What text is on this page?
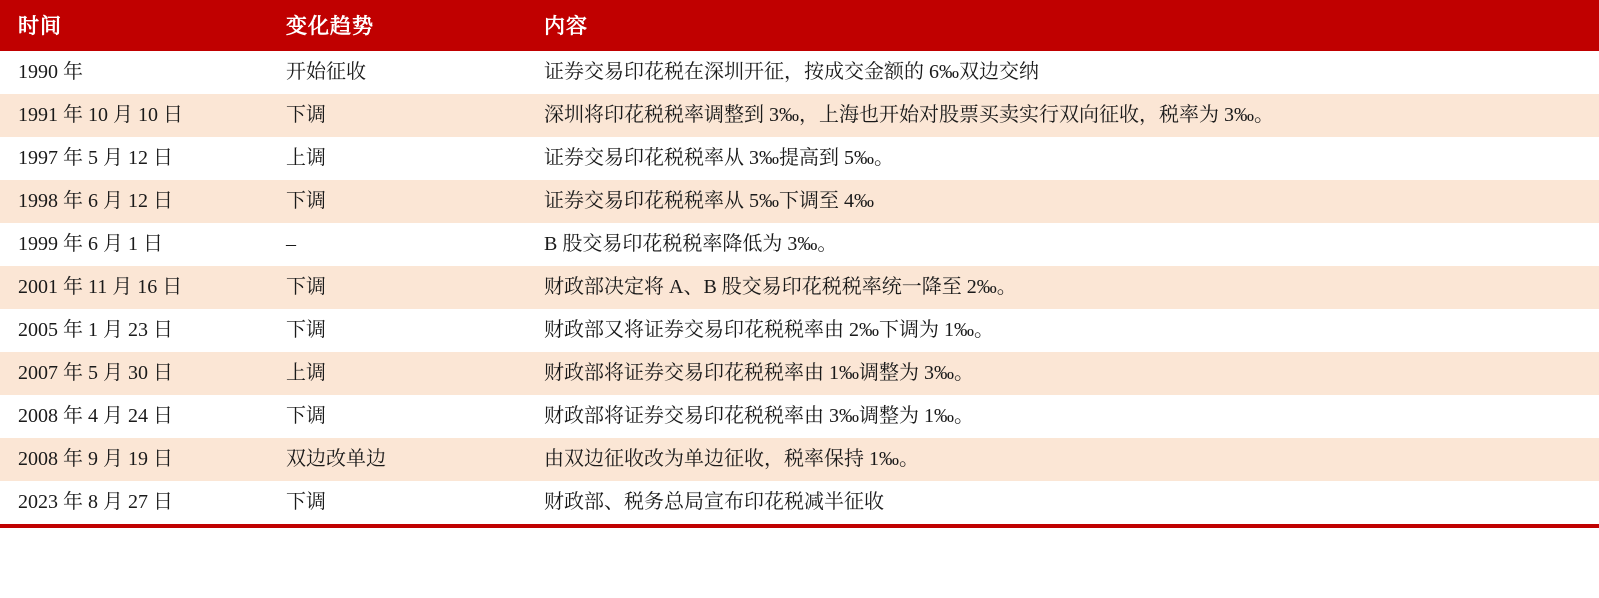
时间	变化趋势	内容
1990 年	开始征收	证券交易印花税在深圳开征，按成交金额的 6‰双边交纳
1991 年 10 月 10 日	下调	深圳将印花税税率调整到 3‰，上海也开始对股票买卖实行双向征收，税率为 3‰。
1997 年 5 月 12 日	上调	证券交易印花税税率从 3‰提高到 5‰。
1998 年 6 月 12 日	下调	证券交易印花税税率从 5‰下调至 4‰
1999 年 6 月 1 日	–	B 股交易印花税税率降低为 3‰。
2001 年 11 月 16 日	下调	财政部决定将 A、B 股交易印花税税率统一降至 2‰。
2005 年 1 月 23 日	下调	财政部又将证券交易印花税税率由 2‰下调为 1‰。
2007 年 5 月 30 日	上调	财政部将证券交易印花税税率由 1‰调整为 3‰。
2008 年 4 月 24 日	下调	财政部将证券交易印花税税率由 3‰调整为 1‰。
2008 年 9 月 19 日	双边改单边	由双边征收改为单边征收，税率保持 1‰。
2023 年 8 月 27 日	下调	财政部、税务总局宣布印花税减半征收
